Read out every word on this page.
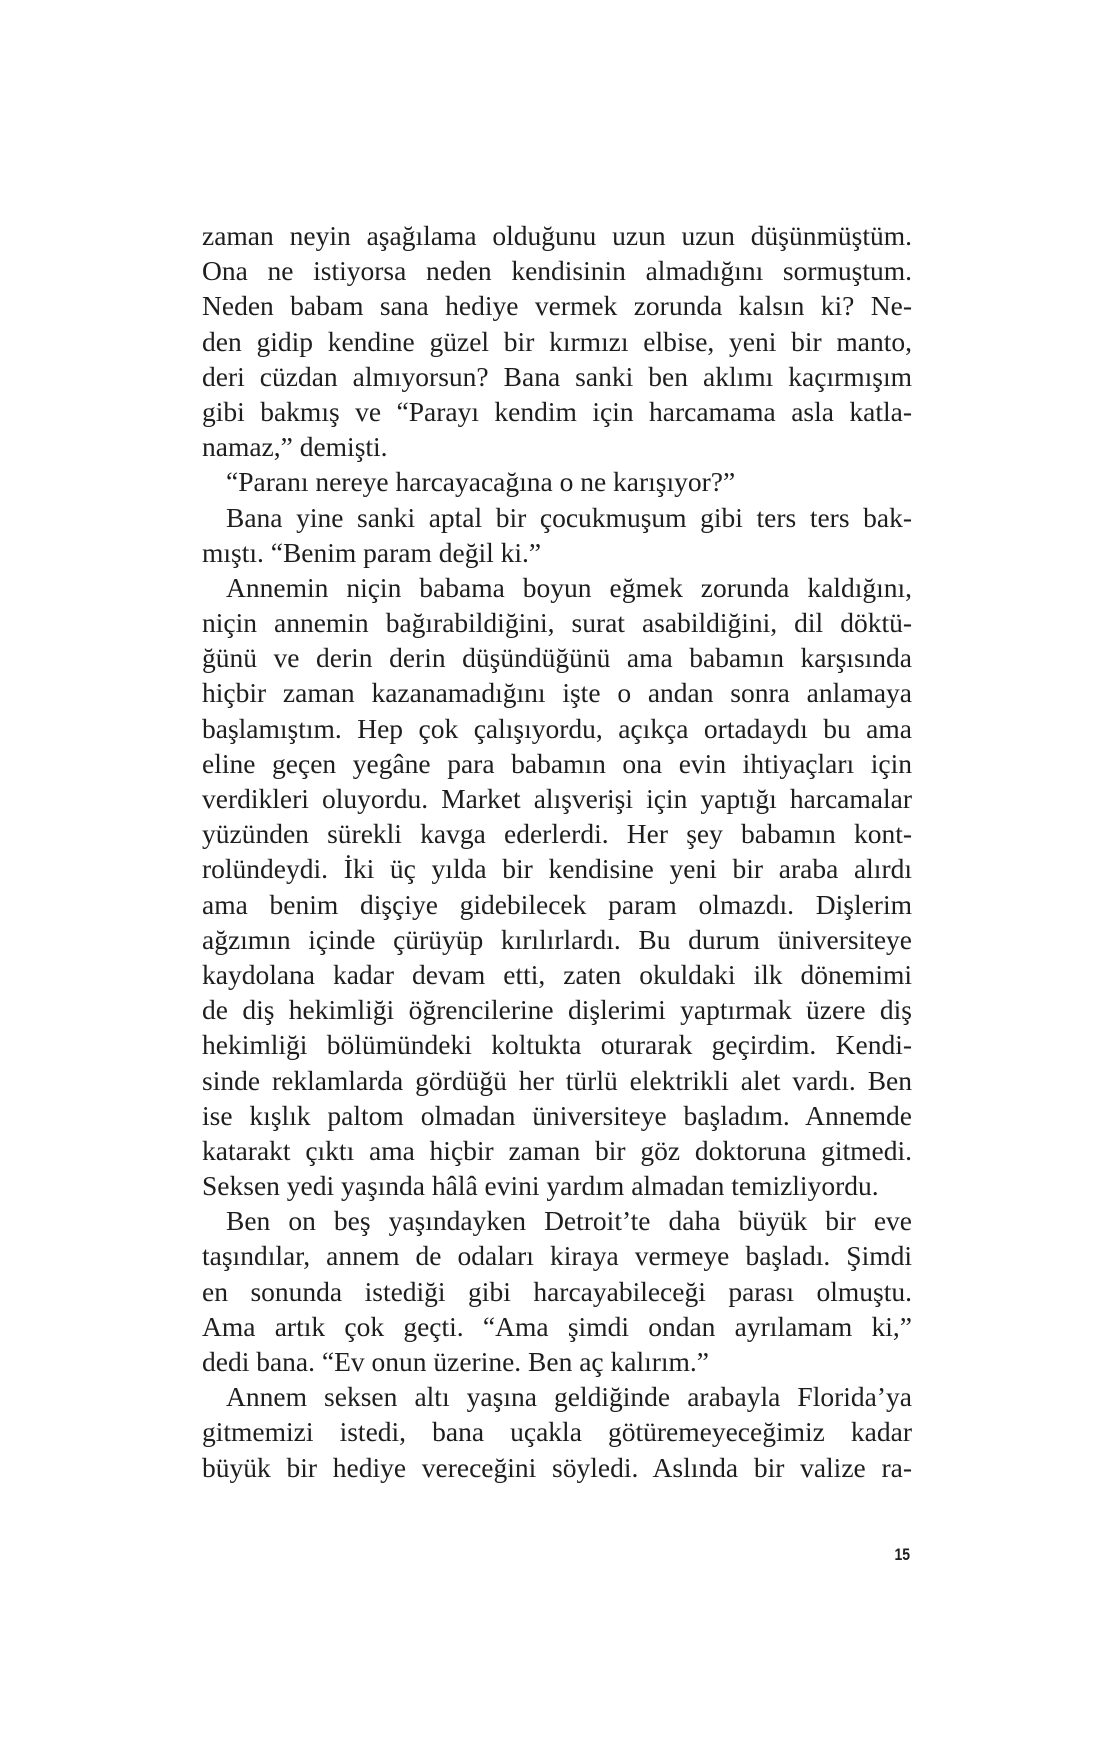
zaman neyin aşağılama olduğunu uzun uzun düşünmüştüm.
Ona ne istiyorsa neden kendisinin almadığını sormuştum.
Neden babam sana hediye vermek zorunda kalsın ki? Ne-
den gidip kendine güzel bir kırmızı elbise, yeni bir manto,
deri cüzdan almıyorsun? Bana sanki ben aklımı kaçırmışım
gibi bakmış ve “Parayı kendim için harcamama asla katla-
namaz,” demişti.
“Paranı nereye harcayacağına o ne karışıyor?”
Bana yine sanki aptal bir çocukmuşum gibi ters ters bak-
mıştı. “Benim param değil ki.”
Annemin niçin babama boyun eğmek zorunda kaldığını,
niçin annemin bağırabildiğini, surat asabildiğini, dil döktü-
ğünü ve derin derin düşündüğünü ama babamın karşısında
hiçbir zaman kazanamadığını işte o andan sonra anlamaya
başlamıştım. Hep çok çalışıyordu, açıkça ortadaydı bu ama
eline geçen yegâne para babamın ona evin ihtiyaçları için
verdikleri oluyordu. Market alışverişi için yaptığı harcamalar
yüzünden sürekli kavga ederlerdi. Her şey babamın kont-
rolündeydi. İki üç yılda bir kendisine yeni bir araba alırdı
ama benim dişçiye gidebilecek param olmazdı. Dişlerim
ağzımın içinde çürüyüp kırılırlardı. Bu durum üniversiteye
kaydolana kadar devam etti, zaten okuldaki ilk dönemimi
de diş hekimliği öğrencilerine dişlerimi yaptırmak üzere diş
hekimliği bölümündeki koltukta oturarak geçirdim. Kendi-
sinde reklamlarda gördüğü her türlü elektrikli alet vardı. Ben
ise kışlık paltom olmadan üniversiteye başladım. Annemde
katarakt çıktı ama hiçbir zaman bir göz doktoruna gitmedi.
Seksen yedi yaşında hâlâ evini yardım almadan temizliyordu.
Ben on beş yaşındayken Detroit’te daha büyük bir eve
taşındılar, annem de odaları kiraya vermeye başladı. Şimdi
en sonunda istediği gibi harcayabileceği parası olmuştu.
Ama artık çok geçti. “Ama şimdi ondan ayrılamam ki,”
dedi bana. “Ev onun üzerine. Ben aç kalırım.”
Annem seksen altı yaşına geldiğinde arabayla Florida’ya
gitmemizi istedi, bana uçakla götüremeyeceğimiz kadar
büyük bir hediye vereceğini söyledi. Aslında bir valize ra-
15
